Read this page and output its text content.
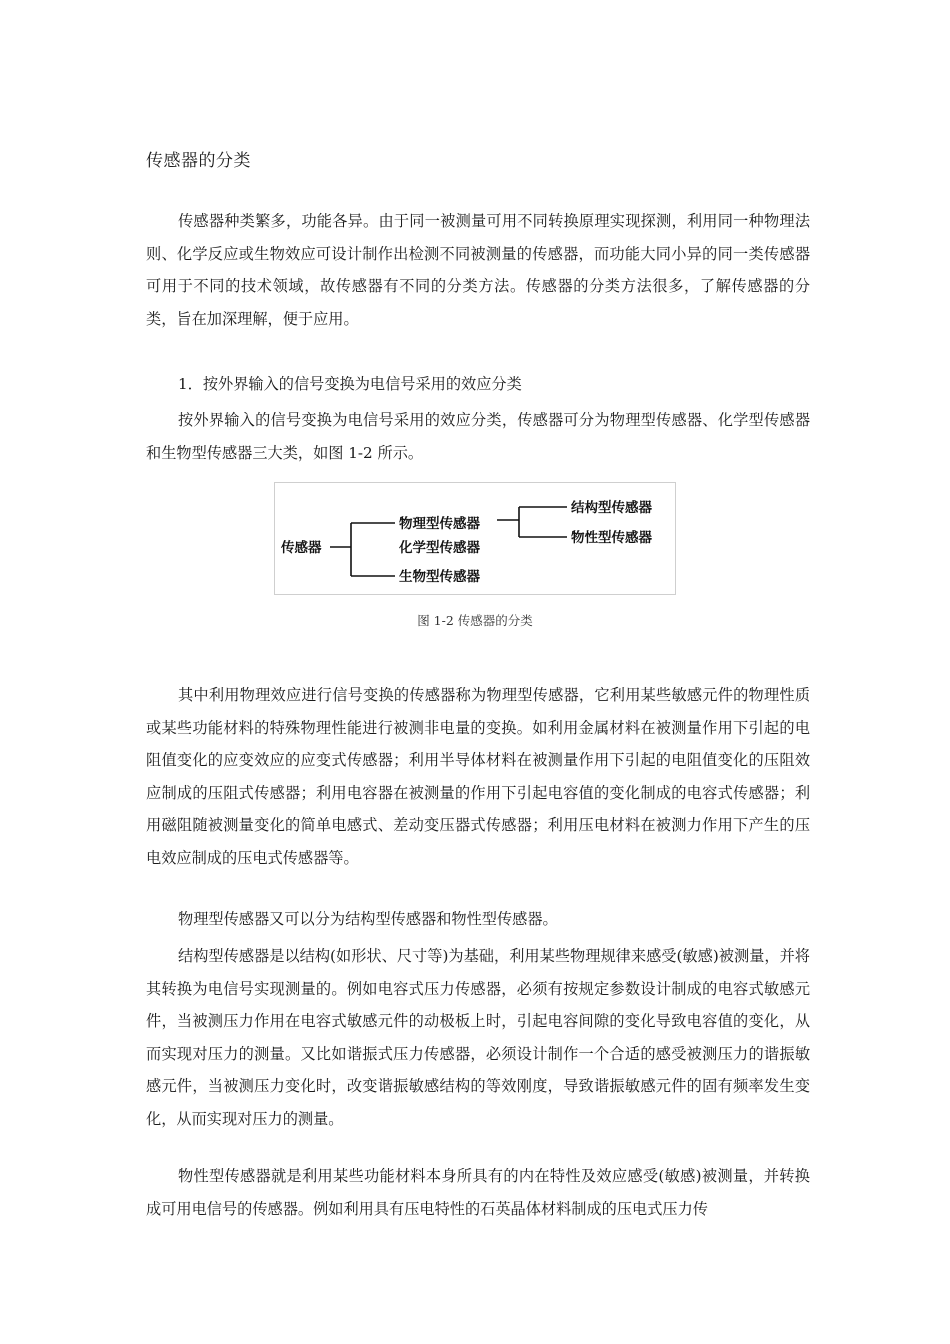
传感器的分类

传感器种类繁多，功能各异。由于同一被测量可用不同转换原理实现探测，利用同一种物理法则、化学反应或生物效应可设计制作出检测不同被测量的传感器，而功能大同小异的同一类传感器可用于不同的技术领域，故传感器有不同的分类方法。传感器的分类方法很多，了解传感器的分类，旨在加深理解，便于应用。

1．按外界输入的信号变换为电信号采用的效应分类

按外界输入的信号变换为电信号采用的效应分类，传感器可分为物理型传感器、化学型传感器和生物型传感器三大类，如图 1-2 所示。

传感器
物理型传感器
化学型传感器
生物型传感器
结构型传感器
物性型传感器
图 1-2 传感器的分类

其中利用物理效应进行信号变换的传感器称为物理型传感器，它利用某些敏感元件的物理性质或某些功能材料的特殊物理性能进行被测非电量的变换。如利用金属材料在被测量作用下引起的电阻值变化的应变效应的应变式传感器；利用半导体材料在被测量作用下引起的电阻值变化的压阻效应制成的压阻式传感器；利用电容器在被测量的作用下引起电容值的变化制成的电容式传感器；利用磁阻随被测量变化的简单电感式、差动变压器式传感器；利用压电材料在被测力作用下产生的压电效应制成的压电式传感器等。

物理型传感器又可以分为结构型传感器和物性型传感器。

结构型传感器是以结构(如形状、尺寸等)为基础，利用某些物理规律来感受(敏感)被测量，并将其转换为电信号实现测量的。例如电容式压力传感器，必须有按规定参数设计制成的电容式敏感元件，当被测压力作用在电容式敏感元件的动极板上时，引起电容间隙的变化导致电容值的变化，从而实现对压力的测量。又比如谐振式压力传感器，必须设计制作一个合适的感受被测压力的谐振敏感元件，当被测压力变化时，改变谐振敏感结构的等效刚度，导致谐振敏感元件的固有频率发生变化，从而实现对压力的测量。

物性型传感器就是利用某些功能材料本身所具有的内在特性及效应感受(敏感)被测量，并转换成可用电信号的传感器。例如利用具有压电特性的石英晶体材料制成的压电式压力传
